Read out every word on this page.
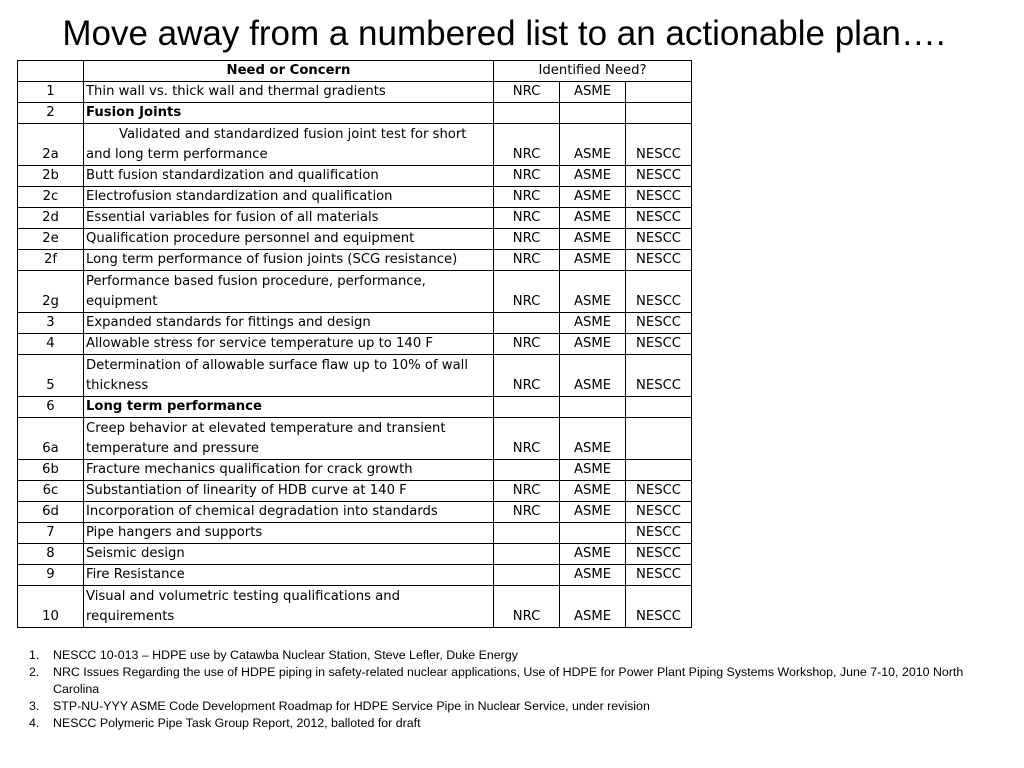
Move away from a numbered list to an actionable plan….
	Need or Concern	Identified Need?		
1	Thin wall vs. thick wall and thermal gradients	NRC	ASME	
2	Fusion Joints			
2a	Validated and standardized fusion joint test for short and long term performance	NRC	ASME	NESCC
2b	Butt fusion standardization and qualification	NRC	ASME	NESCC
2c	Electrofusion standardization and qualification	NRC	ASME	NESCC
2d	Essential variables for fusion of all materials	NRC	ASME	NESCC
2e	Qualification procedure personnel and equipment	NRC	ASME	NESCC
2f	Long term performance of fusion joints (SCG resistance)	NRC	ASME	NESCC
2g	Performance based fusion procedure, performance, equipment	NRC	ASME	NESCC
3	Expanded standards for fittings and design		ASME	NESCC
4	Allowable stress for service temperature up to 140 F	NRC	ASME	NESCC
5	Determination of allowable surface flaw up to 10% of wall thickness	NRC	ASME	NESCC
6	Long term performance			
6a	Creep behavior at elevated temperature and transient temperature and pressure	NRC	ASME	
6b	Fracture mechanics qualification for crack growth		ASME	
6c	Substantiation of linearity of HDB curve at 140 F	NRC	ASME	NESCC
6d	Incorporation of chemical degradation into standards	NRC	ASME	NESCC
7	Pipe hangers and supports			NESCC
8	Seismic design		ASME	NESCC
9	Fire Resistance		ASME	NESCC
10	Visual and volumetric testing qualifications and requirements	NRC	ASME	NESCC
1. NESCC 10-013 – HDPE use by Catawba Nuclear Station, Steve Lefler, Duke Energy
2. NRC Issues Regarding the use of HDPE piping in safety-related nuclear applications, Use of HDPE for Power Plant Piping Systems Workshop, June 7-10, 2010 North Carolina
3. STP-NU-YYY ASME Code Development Roadmap for HDPE Service Pipe in Nuclear Service, under revision
4. NESCC Polymeric Pipe Task Group Report, 2012, balloted for draft
